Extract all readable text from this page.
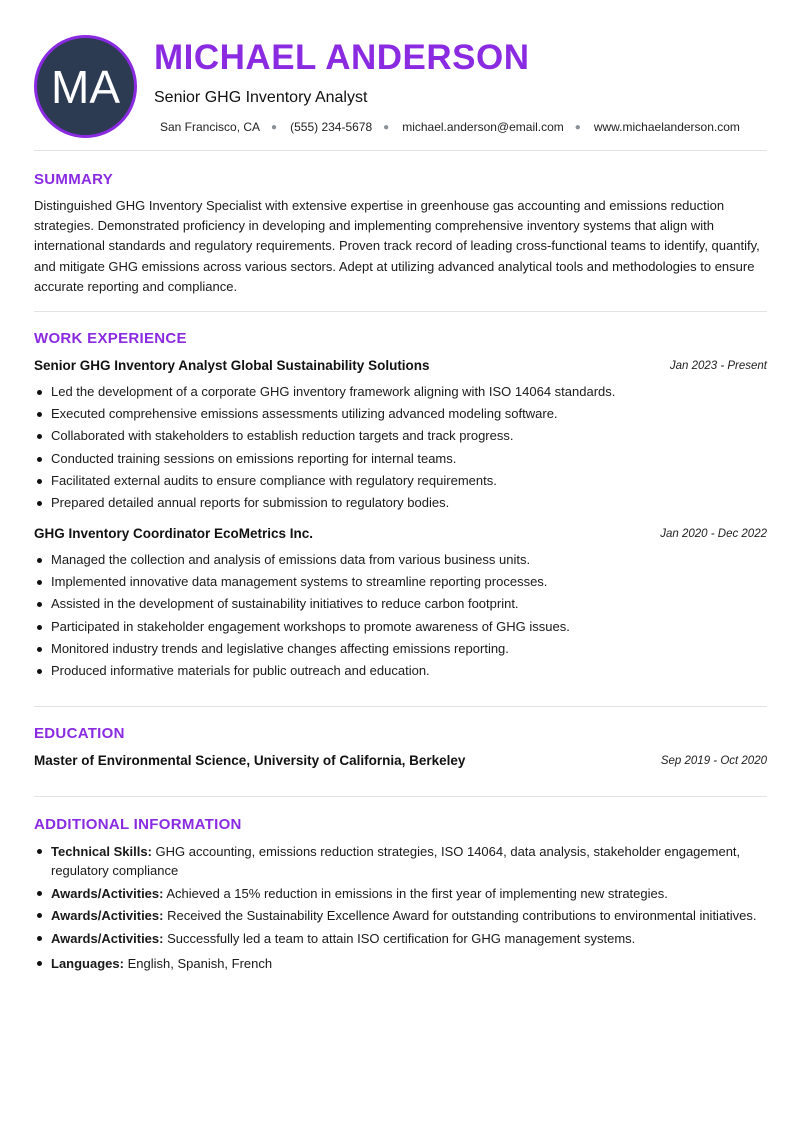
MA
MICHAEL ANDERSON
Senior GHG Inventory Analyst
San Francisco, CA ● (555) 234-5678 ● michael.anderson@email.com ● www.michaelanderson.com
SUMMARY

Distinguished GHG Inventory Specialist with extensive expertise in greenhouse gas accounting and emissions reduction strategies. Demonstrated proficiency in developing and implementing comprehensive inventory systems that align with international standards and regulatory requirements. Proven track record of leading cross-functional teams to identify, quantify, and mitigate GHG emissions across various sectors. Adept at utilizing advanced analytical tools and methodologies to ensure accurate reporting and compliance.

WORK EXPERIENCE
Senior GHG Inventory Analyst Global Sustainability Solutions	Jan 2023 - Present
Led the development of a corporate GHG inventory framework aligning with ISO 14064 standards.
Executed comprehensive emissions assessments utilizing advanced modeling software.
Collaborated with stakeholders to establish reduction targets and track progress.
Conducted training sessions on emissions reporting for internal teams.
Facilitated external audits to ensure compliance with regulatory requirements.
Prepared detailed annual reports for submission to regulatory bodies.
GHG Inventory Coordinator EcoMetrics Inc.	Jan 2020 - Dec 2022
Managed the collection and analysis of emissions data from various business units.
Implemented innovative data management systems to streamline reporting processes.
Assisted in the development of sustainability initiatives to reduce carbon footprint.
Participated in stakeholder engagement workshops to promote awareness of GHG issues.
Monitored industry trends and legislative changes affecting emissions reporting.
Produced informative materials for public outreach and education.
EDUCATION
Master of Environmental Science, University of California, Berkeley	Sep 2019 - Oct 2020
ADDITIONAL INFORMATION
Technical Skills: GHG accounting, emissions reduction strategies, ISO 14064, data analysis, stakeholder engagement, regulatory compliance
Awards/Activities: Achieved a 15% reduction in emissions in the first year of implementing new strategies.
Awards/Activities: Received the Sustainability Excellence Award for outstanding contributions to environmental initiatives.
Awards/Activities: Successfully led a team to attain ISO certification for GHG management systems.
Languages: English, Spanish, French
